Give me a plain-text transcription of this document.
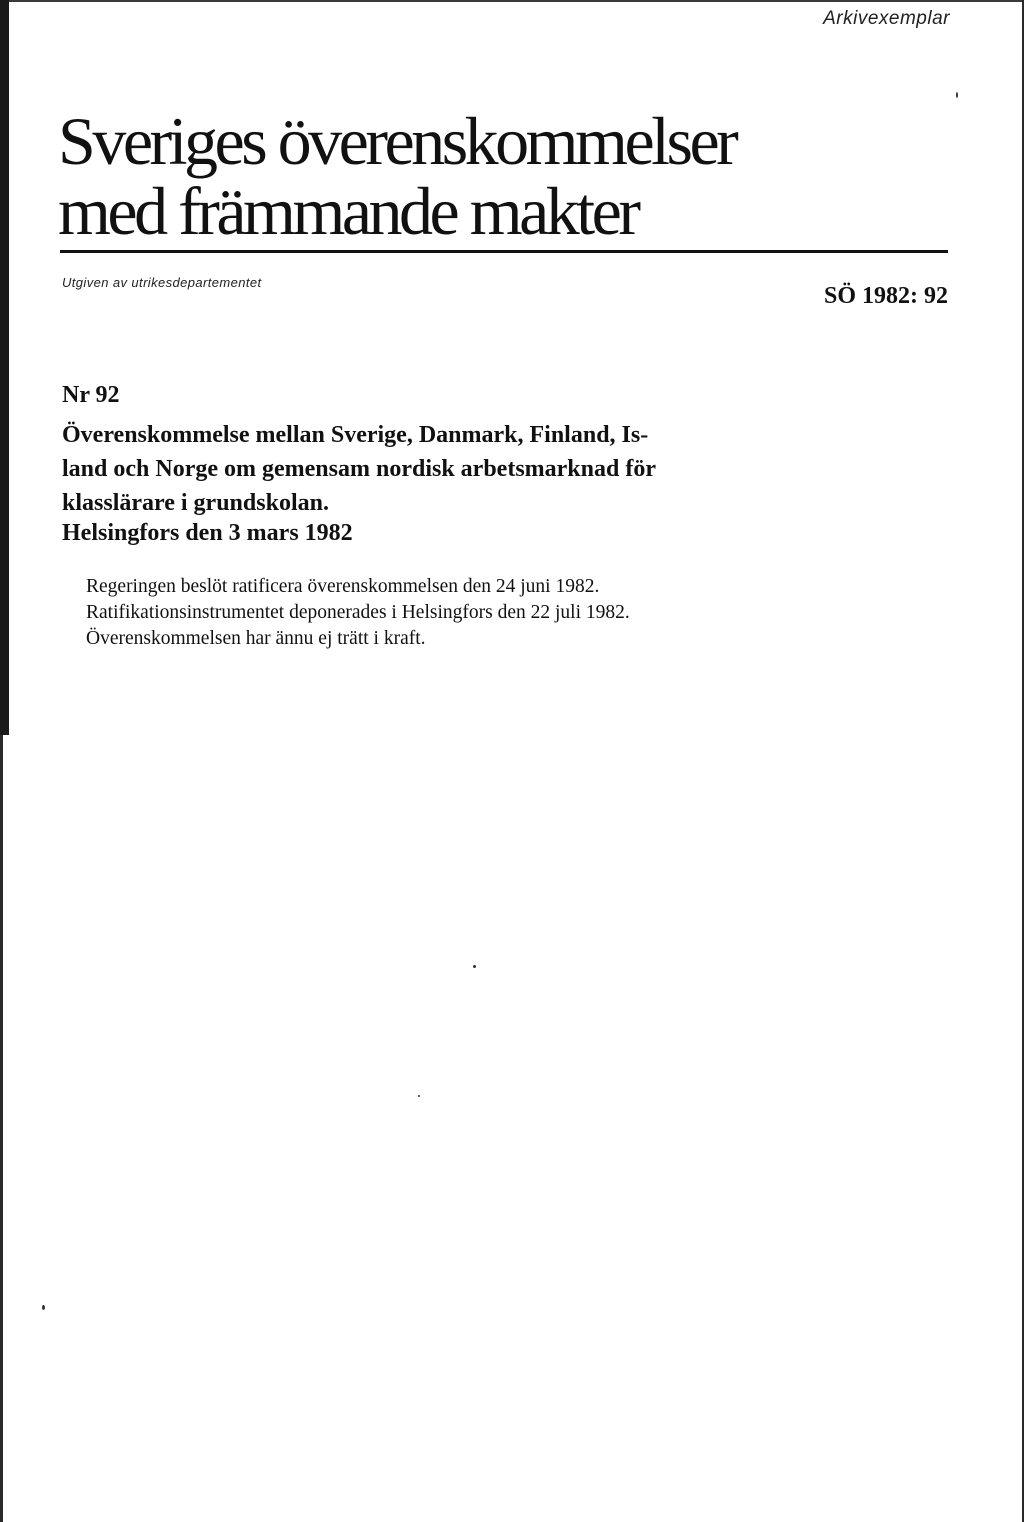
Arkivexemplar
Sveriges överenskommelser
med främmande makter
Utgiven av utrikesdepartementet
SÖ 1982: 92
Nr 92
Överenskommelse mellan Sverige, Danmark, Finland, Is-
land och Norge om gemensam nordisk arbetsmarknad för
klasslärare i grundskolan.
Helsingfors den 3 mars 1982

Regeringen beslöt ratificera överenskommelsen den 24 juni 1982.
Ratifikationsinstrumentet deponerades i Helsingfors den 22 juli 1982.
Överenskommelsen har ännu ej trätt i kraft.
